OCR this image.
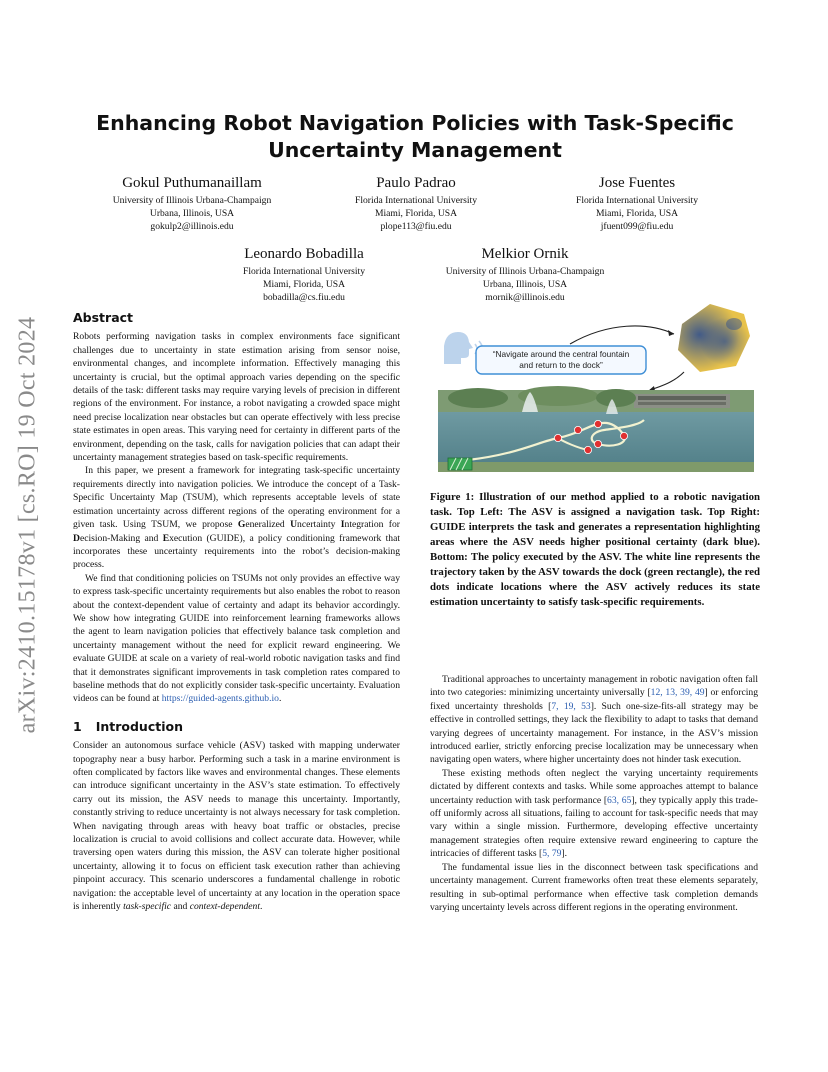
arXiv:2410.15178v1 [cs.RO] 19 Oct 2024
Enhancing Robot Navigation Policies with Task-Specific Uncertainty Management
Gokul Puthumanaillam
University of Illinois Urbana-Champaign
Urbana, Illinois, USA
gokulp2@illinois.edu
Paulo Padrao
Florida International University
Miami, Florida, USA
plope113@fiu.edu
Jose Fuentes
Florida International University
Miami, Florida, USA
jfuent099@fiu.edu
Leonardo Bobadilla
Florida International University
Miami, Florida, USA
bobadilla@cs.fiu.edu
Melkior Ornik
University of Illinois Urbana-Champaign
Urbana, Illinois, USA
mornik@illinois.edu
Abstract

Robots performing navigation tasks in complex environments face significant challenges due to uncertainty in state estimation arising from sensor noise, environmental changes, and incomplete information. Effectively managing this uncertainty is crucial, but the optimal approach varies depending on the specific details of the task: different tasks may require varying levels of precision in different regions of the environment. For instance, a robot navigating a crowded space might need precise localization near obstacles but can operate effectively with less precise state estimates in open areas. This varying need for certainty in different parts of the environment, depending on the task, calls for navigation policies that can adapt their uncertainty management strategies based on task-specific requirements.

In this paper, we present a framework for integrating task-specific uncertainty requirements directly into navigation policies. We introduce the concept of a Task-Specific Uncertainty Map (TSUM), which represents acceptable levels of state estimation uncertainty across different regions of the operating environment for a given task. Using TSUM, we propose Generalized Uncertainty Integration for Decision-Making and Execution (GUIDE), a policy conditioning framework that incorporates these uncertainty requirements into the robot’s decision-making process.

We find that conditioning policies on TSUMs not only provides an effective way to express task-specific uncertainty requirements but also enables the robot to reason about the context-dependent value of certainty and adapt its behavior accordingly. We show how integrating GUIDE into reinforcement learning frameworks allows the agent to learn navigation policies that effectively balance task completion and uncertainty management without the need for explicit reward engineering. We evaluate GUIDE at scale on a variety of real-world robotic navigation tasks and find that it demonstrates significant improvements in task completion rates compared to baseline methods that do not explicitly consider task-specific uncertainty. Evaluation videos can be found at https://guided-agents.github.io.

1 Introduction

Consider an autonomous surface vehicle (ASV) tasked with mapping underwater topography near a busy harbor. Performing such a task in a marine environment is often complicated by factors like waves and environmental changes. These elements can introduce significant uncertainty in the ASV’s state estimation. To effectively carry out its mission, the ASV needs to manage this uncertainty. Importantly, constantly striving to reduce uncertainty is not always necessary for task completion. When navigating through areas with heavy boat traffic or obstacles, precise localization is crucial to avoid collisions and collect accurate data. However, while traversing open waters during this mission, the ASV can tolerate higher positional uncertainty, allowing it to focus on efficient task execution rather than achieving pinpoint accuracy. This scenario underscores a fundamental challenge in robotic navigation: the acceptable level of uncertainty at any location in the operation space is inherently task-specific and context-dependent.

“Navigate around the central fountain
and return to the dock”
Figure 1: Illustration of our method applied to a robotic navigation task. Top Left: The ASV is assigned a navigation task. Top Right: GUIDE interprets the task and generates a representation highlighting areas where the ASV needs higher positional certainty (dark blue). Bottom: The policy executed by the ASV. The white line represents the trajectory taken by the ASV towards the dock (green rectangle), the red dots indicate locations where the ASV actively reduces its state estimation uncertainty to satisfy task-specific requirements.

Traditional approaches to uncertainty management in robotic navigation often fall into two categories: minimizing uncertainty universally [12, 13, 39, 49] or enforcing fixed uncertainty thresholds [7, 19, 53]. Such one-size-fits-all strategy may be effective in controlled settings, they lack the flexibility to adapt to tasks that demand varying degrees of uncertainty management. For instance, in the ASV’s mission introduced earlier, strictly enforcing precise localization may be unnecessary when navigating open waters, where higher uncertainty does not hinder task execution.

These existing methods often neglect the varying uncertainty requirements dictated by different contexts and tasks. While some approaches attempt to balance uncertainty reduction with task performance [63, 65], they typically apply this trade-off uniformly across all situations, failing to account for task-specific needs that may vary within a single mission. Furthermore, developing effective uncertainty management strategies often require extensive reward engineering to capture the intricacies of different tasks [5, 79].

The fundamental issue lies in the disconnect between task specifications and uncertainty management. Current frameworks often treat these elements separately, resulting in sub-optimal performance when effective task completion demands varying uncertainty levels across different regions in the operating environment.
